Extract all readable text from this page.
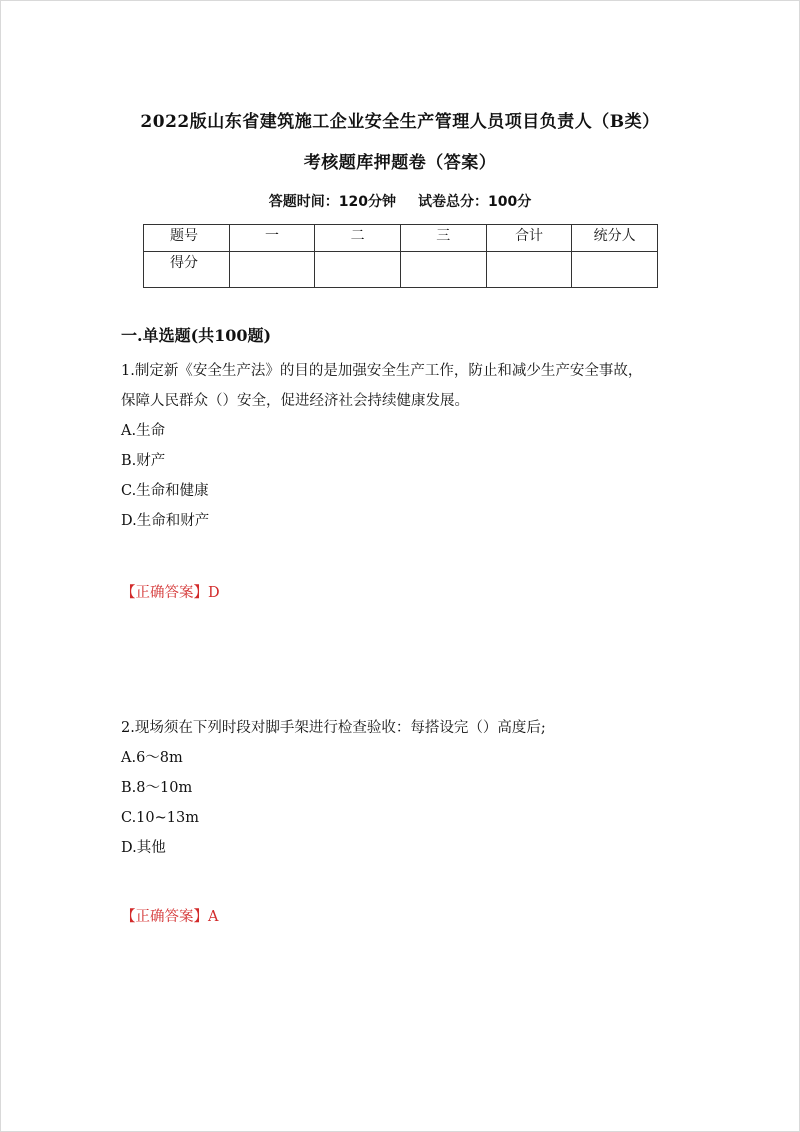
2022版山东省建筑施工企业安全生产管理人员项目负责人（B类）
考核题库押题卷（答案）
答题时间：120分钟 试卷总分：100分
题号	一	二	三	合计	统分人
得分					
一.单选题(共100题)
1.制定新《安全生产法》的目的是加强安全生产工作，防止和减少生产安全事故，
保障人民群众（）安全，促进经济社会持续健康发展。
A.生命
B.财产
C.生命和健康
D.生命和财产
【正确答案】D
2.现场须在下列时段对脚手架进行检查验收：每搭设完（）高度后;
A.6～8m
B.8～10m
C.10~13m
D.其他
【正确答案】A
